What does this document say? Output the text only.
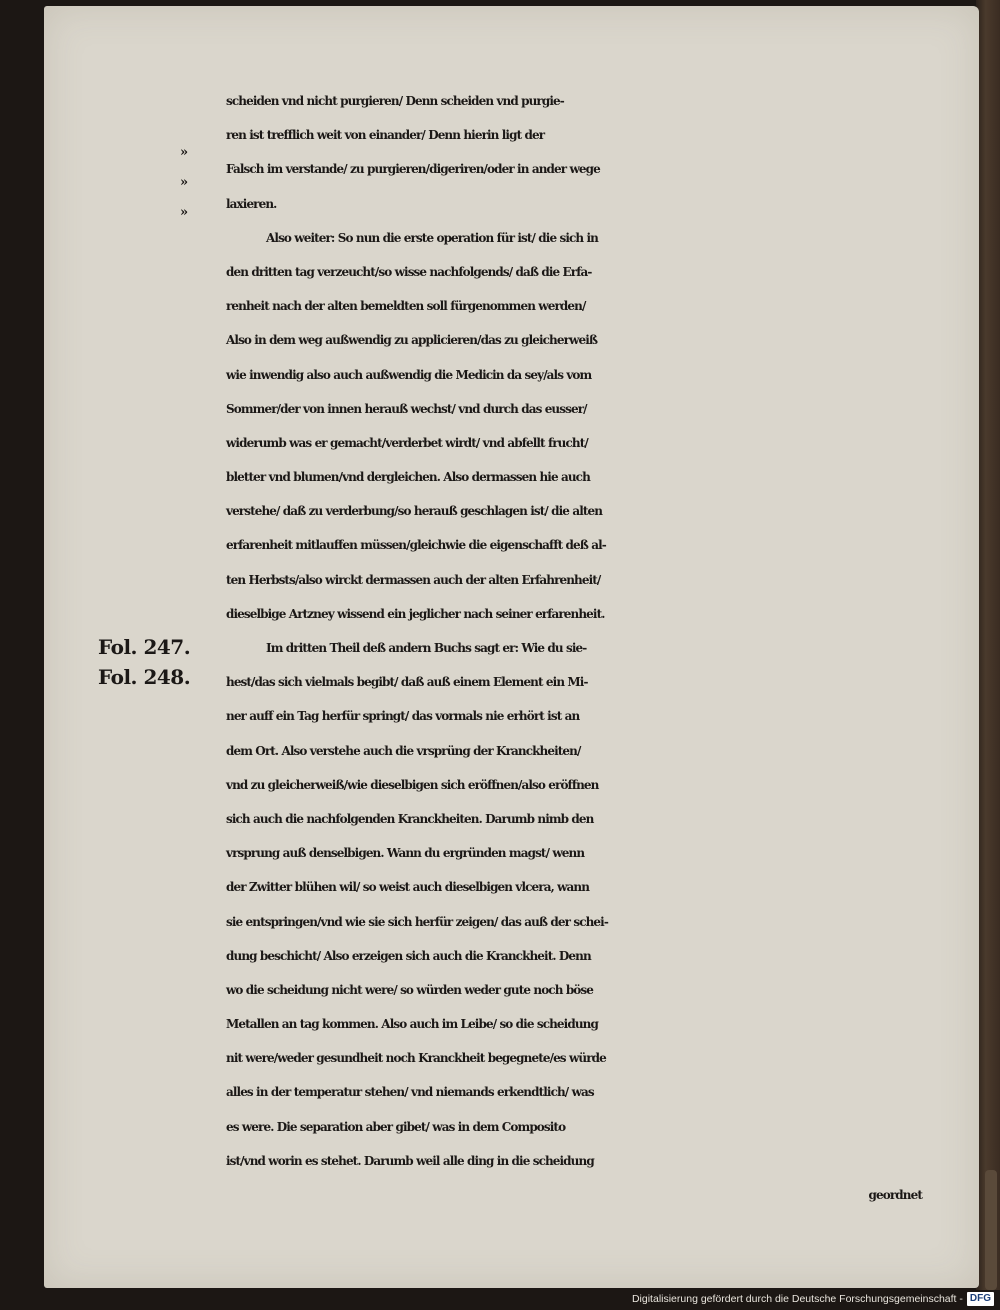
»
»
»
Fol. 247.
Fol. 248.
scheiden vnd nicht purgieren/ Denn scheiden vnd purgie-
ren ist trefflich weit von einander/ Denn hierin ligt der
Falsch im verstande/ zu purgieren/digeriren/oder in ander wege
laxieren.
Also weiter: So nun die erste operation für ist/ die sich in
den dritten tag verzeucht/so wisse nachfolgends/ daß die Erfa-
renheit nach der alten bemeldten soll fürgenommen werden/
Also in dem weg außwendig zu applicieren/das zu gleicherweiß
wie inwendig also auch außwendig die Medicin da sey/als vom
Sommer/der von innen herauß wechst/ vnd durch das eusser/
widerumb was er gemacht/verderbet wirdt/ vnd abfellt frucht/
bletter vnd blumen/vnd dergleichen. Also dermassen hie auch
verstehe/ daß zu verderbung/so herauß geschlagen ist/ die alten
erfarenheit mitlauffen müssen/gleichwie die eigenschafft deß al-
ten Herbsts/also wirckt dermassen auch der alten Erfahrenheit/
dieselbige Artzney wissend ein jeglicher nach seiner erfarenheit.
Im dritten Theil deß andern Buchs sagt er: Wie du sie-
hest/das sich vielmals begibt/ daß auß einem Element ein Mi-
ner auff ein Tag herfür springt/ das vormals nie erhört ist an
dem Ort. Also verstehe auch die vrsprüng der Kranckheiten/
vnd zu gleicherweiß/wie dieselbigen sich eröffnen/also eröffnen
sich auch die nachfolgenden Kranckheiten. Darumb nimb den
vrsprung auß denselbigen. Wann du ergründen magst/ wenn
der Zwitter blühen wil/ so weist auch dieselbigen vlcera, wann
sie entspringen/vnd wie sie sich herfür zeigen/ das auß der schei-
dung beschicht/ Also erzeigen sich auch die Kranckheit. Denn
wo die scheidung nicht were/ so würden weder gute noch böse
Metallen an tag kommen. Also auch im Leibe/ so die scheidung
nit were/weder gesundheit noch Kranckheit begegnete/es würde
alles in der temperatur stehen/ vnd niemands erkendtlich/ was
es were. Die separation aber gibet/ was in dem Composito
ist/vnd worin es stehet. Darumb weil alle ding in die scheidung
geordnet
Digitalisierung gefördert durch die Deutsche Forschungsgemeinschaft - DFG
